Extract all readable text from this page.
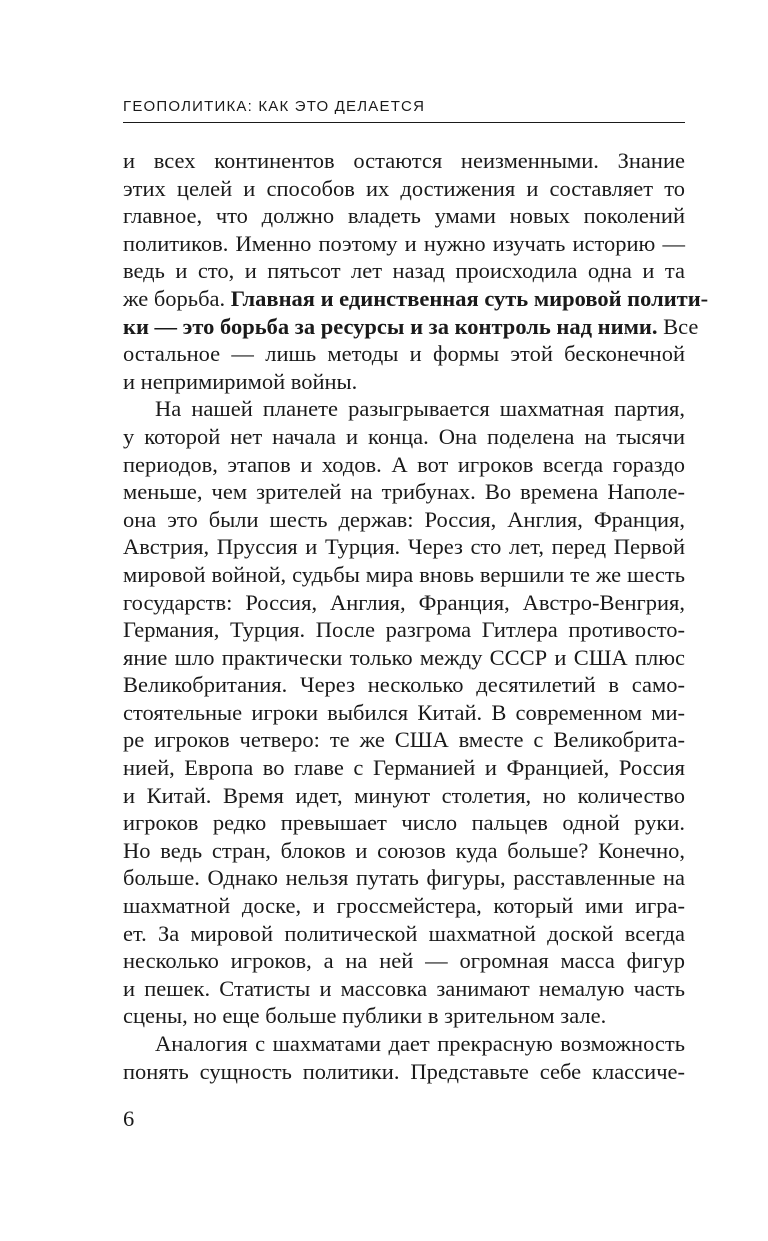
ГЕОПОЛИТИКА: КАК ЭТО ДЕЛАЕТСЯ
и всех континентов остаются неизменными. Знание
этих целей и способов их достижения и составляет то
главное, что должно владеть умами новых поколений
политиков. Именно поэтому и нужно изучать историю —
ведь и сто, и пятьсот лет назад происходила одна и та
же борьба. Главная и единственная суть мировой полити-
ки — это борьба за ресурсы и за контроль над ними. Все
остальное — лишь методы и формы этой бесконечной
и непримиримой войны.
На нашей планете разыгрывается шахматная партия,
у которой нет начала и конца. Она поделена на тысячи
периодов, этапов и ходов. А вот игроков всегда гораздо
меньше, чем зрителей на трибунах. Во времена Наполе-
она это были шесть держав: Россия, Англия, Франция,
Австрия, Пруссия и Турция. Через сто лет, перед Первой
мировой войной, судьбы мира вновь вершили те же шесть
государств: Россия, Англия, Франция, Австро-Венгрия,
Германия, Турция. После разгрома Гитлера противосто-
яние шло практически только между СССР и США плюс
Великобритания. Через несколько десятилетий в само-
стоятельные игроки выбился Китай. В современном ми-
ре игроков четверо: те же США вместе с Великобрита-
нией, Европа во главе с Германией и Францией, Россия
и Китай. Время идет, минуют столетия, но количество
игроков редко превышает число пальцев одной руки.
Но ведь стран, блоков и союзов куда больше? Конечно,
больше. Однако нельзя путать фигуры, расставленные на
шахматной доске, и гроссмейстера, который ими игра-
ет. За мировой политической шахматной доской всегда
несколько игроков, а на ней — огромная масса фигур
и пешек. Статисты и массовка занимают немалую часть
сцены, но еще больше публики в зрительном зале.
Аналогия с шахматами дает прекрасную возможность
понять сущность политики. Представьте себе классиче-
6
